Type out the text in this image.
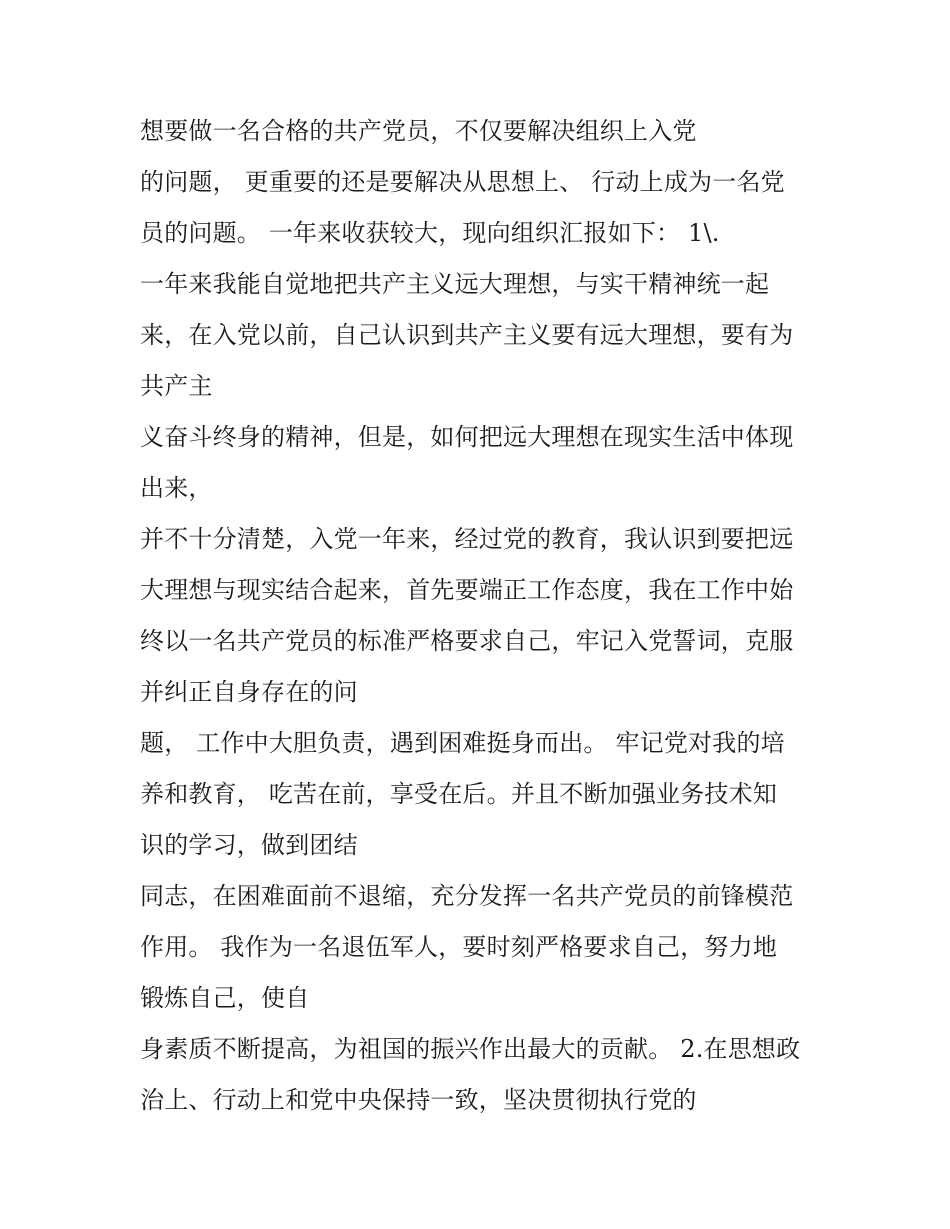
想要做一名合格的共产党员，不仅要解决组织上入党
的问题， 更重要的还是要解决从思想上、 行动上成为一名党
员的问题。 一年来收获较大，现向组织汇报如下： 1\.
一年来我能自觉地把共产主义远大理想，与实干精神统一起
来，在入党以前，自己认识到共产主义要有远大理想，要有为
共产主
义奋斗终身的精神，但是，如何把远大理想在现实生活中体现
出来，
并不十分清楚，入党一年来，经过党的教育，我认识到要把远
大理想与现实结合起来，首先要端正工作态度，我在工作中始
终以一名共产党员的标准严格要求自己，牢记入党誓词，克服
并纠正自身存在的问
题， 工作中大胆负责，遇到困难挺身而出。 牢记党对我的培
养和教育， 吃苦在前，享受在后。并且不断加强业务技术知
识的学习，做到团结
同志，在困难面前不退缩，充分发挥一名共产党员的前锋模范
作用。 我作为一名退伍军人，要时刻严格要求自己，努力地
锻炼自己，使自
身素质不断提高，为祖国的振兴作出最大的贡献。 2.在思想政
治上、行动上和党中央保持一致，坚决贯彻执行党的
